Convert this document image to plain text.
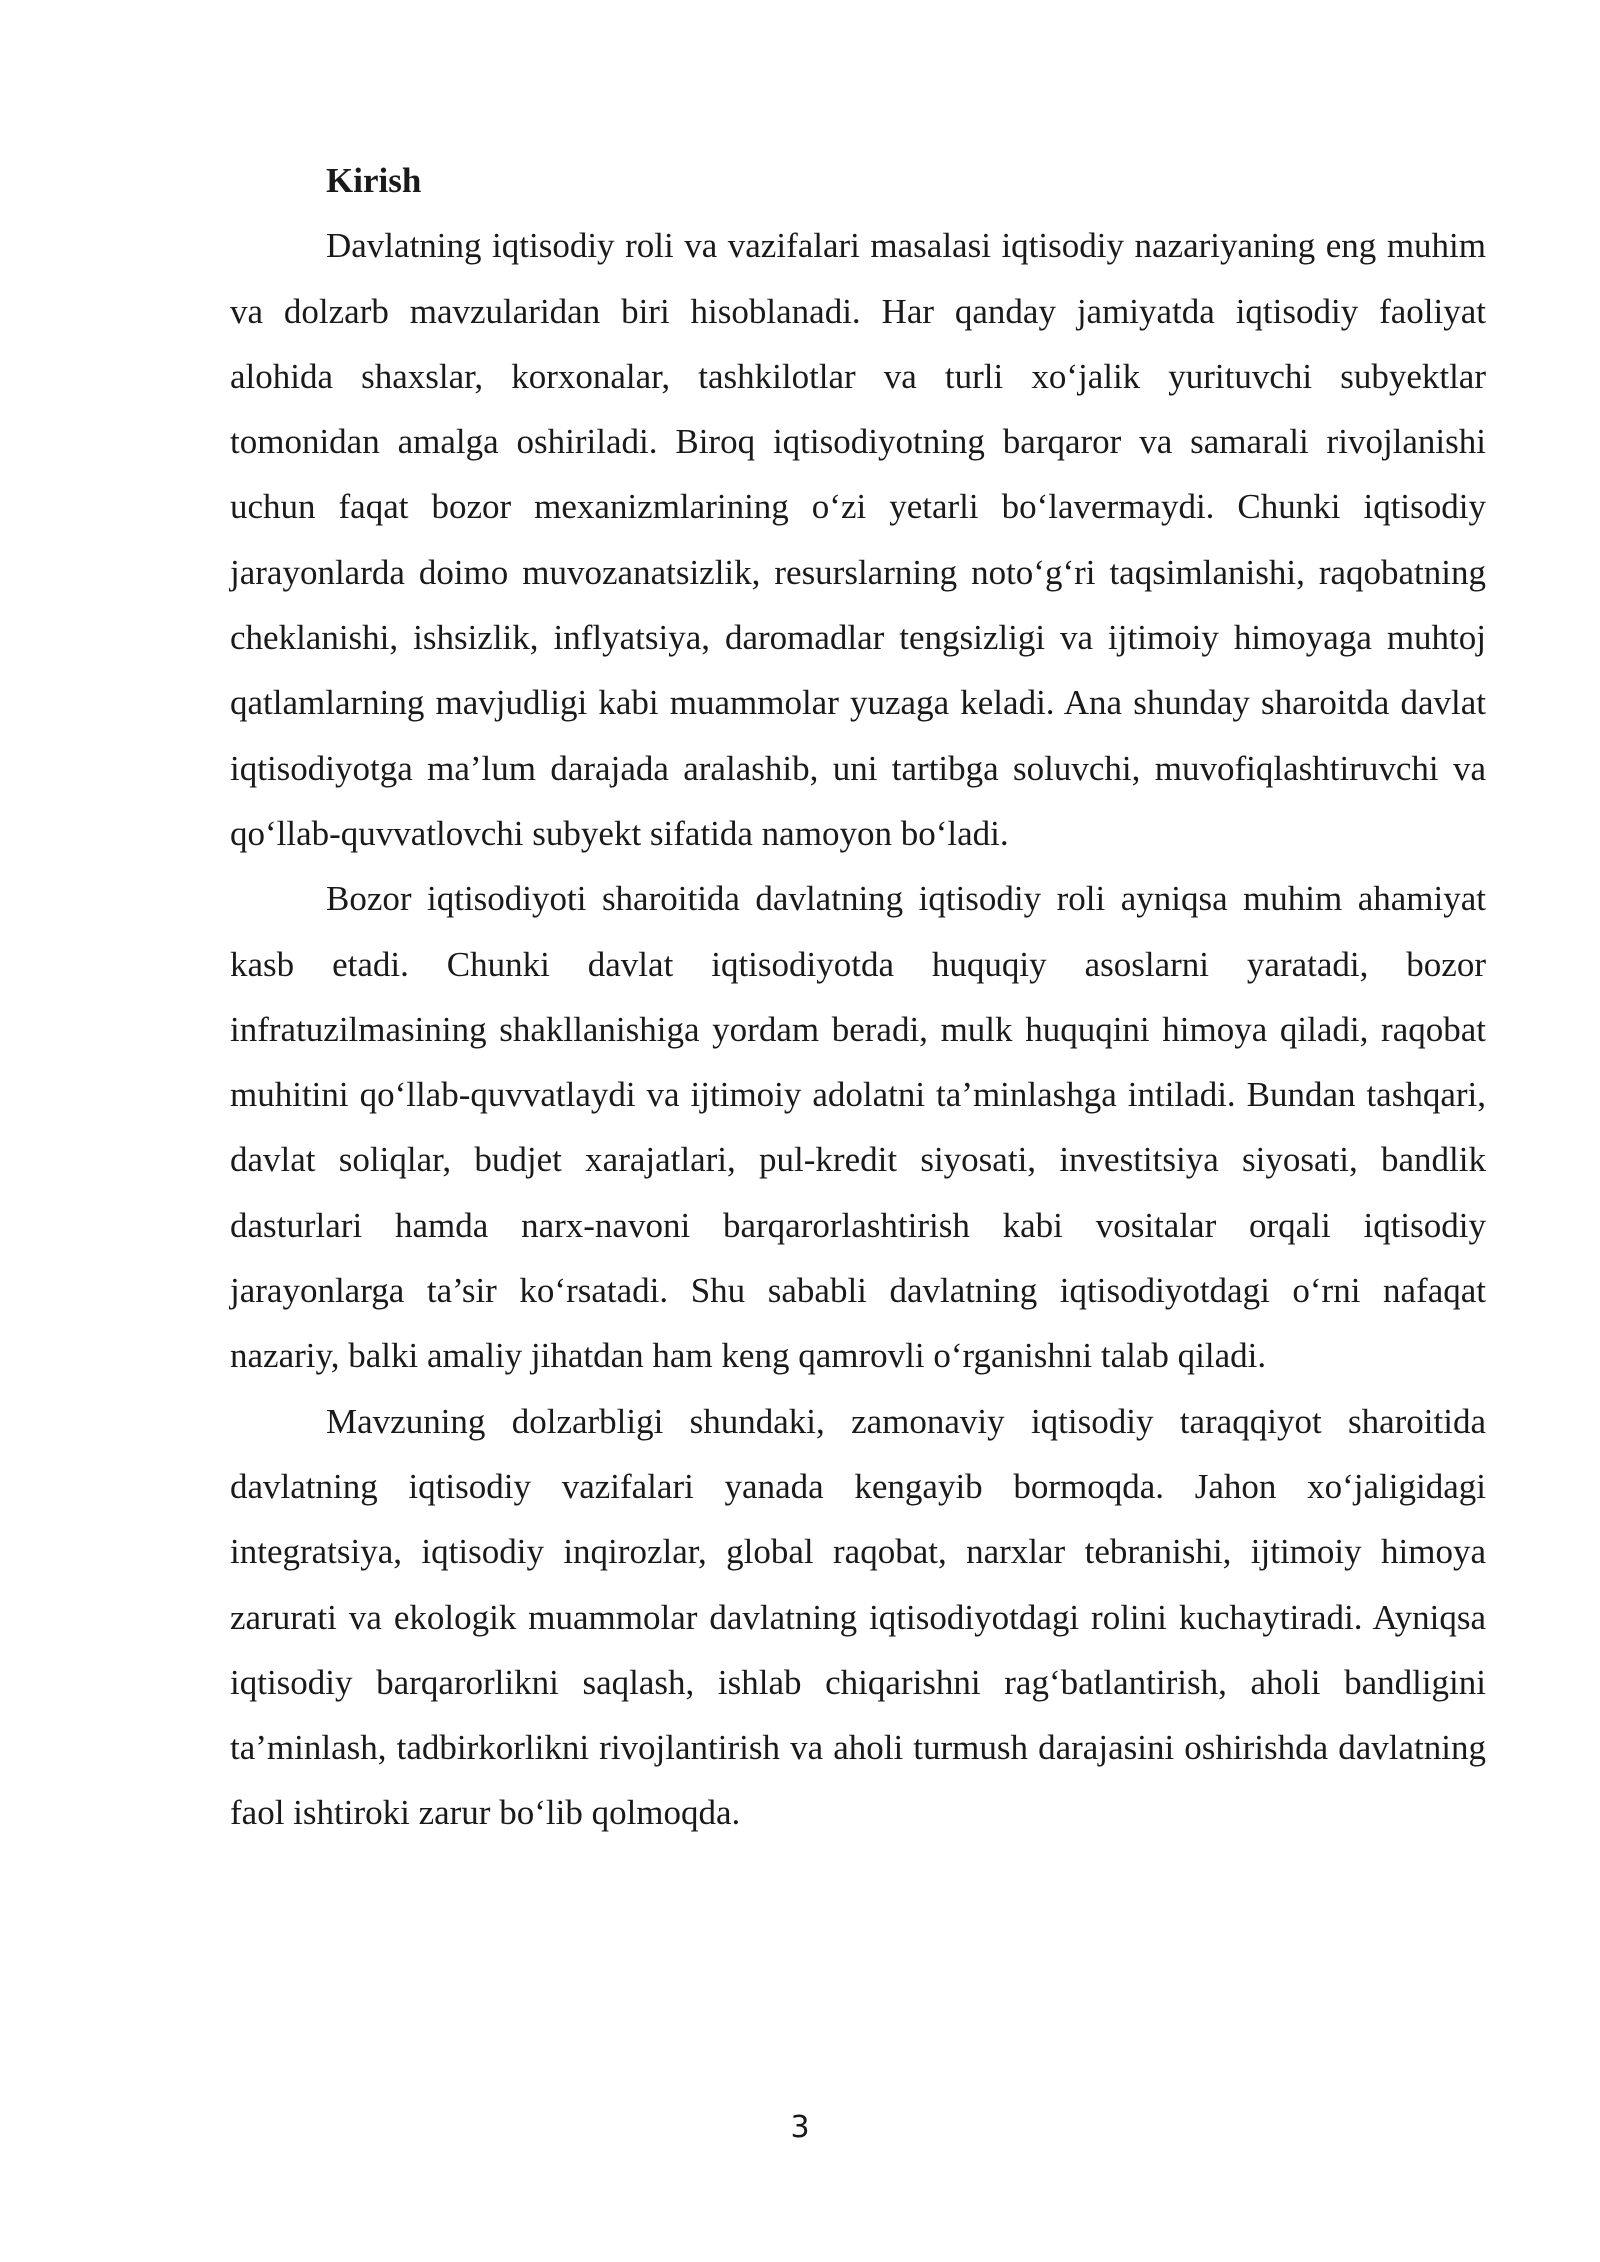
Kirish

Davlatning iqtisodiy roli va vazifalari masalasi iqtisodiy nazariyaning eng muhim va dolzarb mavzularidan biri hisoblanadi. Har qanday jamiyatda iqtisodiy faoliyat alohida shaxslar, korxonalar, tashkilotlar va turli xo‘jalik yurituvchi subyektlar tomonidan amalga oshiriladi. Biroq iqtisodiyotning barqaror va samarali rivojlanishi uchun faqat bozor mexanizmlarining o‘zi yetarli bo‘lavermaydi. Chunki iqtisodiy jarayonlarda doimo muvozanatsizlik, resurslarning noto‘g‘ri taqsimlanishi, raqobatning cheklanishi, ishsizlik, inflyatsiya, daromadlar tengsizligi va ijtimoiy himoyaga muhtoj qatlamlarning mavjudligi kabi muammolar yuzaga keladi. Ana shunday sharoitda davlat iqtisodiyotga ma’lum darajada aralashib, uni tartibga soluvchi, muvofiqlashtiruvchi va qo‘llab-quvvatlovchi subyekt sifatida namoyon bo‘ladi.

Bozor iqtisodiyoti sharoitida davlatning iqtisodiy roli ayniqsa muhim ahamiyat kasb etadi. Chunki davlat iqtisodiyotda huquqiy asoslarni yaratadi, bozor infratuzilmasining shakllanishiga yordam beradi, mulk huquqini himoya qiladi, raqobat muhitini qo‘llab-quvvatlaydi va ijtimoiy adolatni ta’minlashga intiladi. Bundan tashqari, davlat soliqlar, budjet xarajatlari, pul-kredit siyosati, investitsiya siyosati, bandlik dasturlari hamda narx-navoni barqarorlashtirish kabi vositalar orqali iqtisodiy jarayonlarga ta’sir ko‘rsatadi. Shu sababli davlatning iqtisodiyotdagi o‘rni nafaqat nazariy, balki amaliy jihatdan ham keng qamrovli o‘rganishni talab qiladi.

Mavzuning dolzarbligi shundaki, zamonaviy iqtisodiy taraqqiyot sharoitida davlatning iqtisodiy vazifalari yanada kengayib bormoqda. Jahon xo‘jaligidagi integratsiya, iqtisodiy inqirozlar, global raqobat, narxlar tebranishi, ijtimoiy himoya zarurati va ekologik muammolar davlatning iqtisodiyotdagi rolini kuchaytiradi. Ayniqsa iqtisodiy barqarorlikni saqlash, ishlab chiqarishni rag‘batlantirish, aholi bandligini ta’minlash, tadbirkorlikni rivojlantirish va aholi turmush darajasini oshirishda davlatning faol ishtiroki zarur bo‘lib qolmoqda.

3
